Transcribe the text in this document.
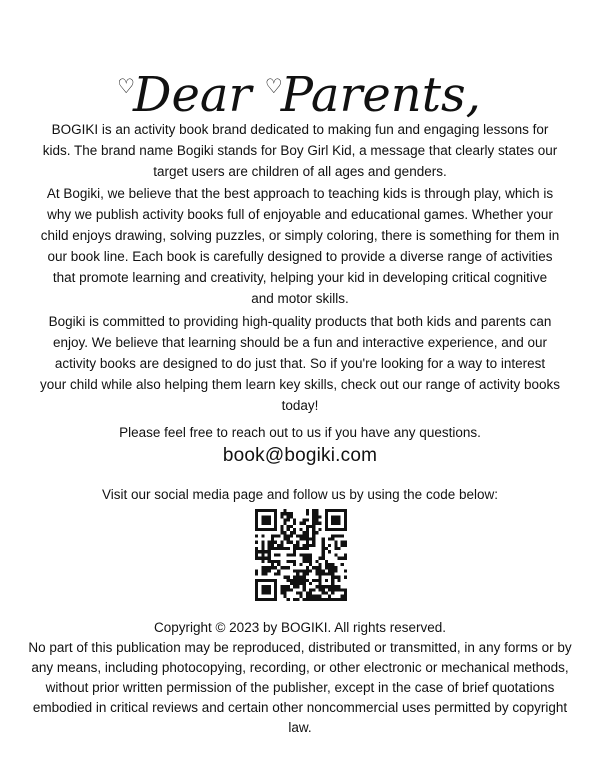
♡Dear ♡Parents,

BOGIKI is an activity book brand dedicated to making fun and engaging lessons for kids. The brand name Bogiki stands for Boy Girl Kid, a message that clearly states our target users are children of all ages and genders.

At Bogiki, we believe that the best approach to teaching kids is through play, which is why we publish activity books full of enjoyable and educational games. Whether your child enjoys drawing, solving puzzles, or simply coloring, there is something for them in our book line. Each book is carefully designed to provide a diverse range of activities that promote learning and creativity, helping your kid in developing critical cognitive and motor skills.

Bogiki is committed to providing high-quality products that both kids and parents can enjoy. We believe that learning should be a fun and interactive experience, and our activity books are designed to do just that. So if you're looking for a way to interest your child while also helping them learn key skills, check out our range of activity books today!

Please feel free to reach out to us if you have any questions.
book@bogiki.com
Visit our social media page and follow us by using the code below:
Copyright © 2023 by BOGIKI. All rights reserved.
No part of this publication may be reproduced, distributed or transmitted, in any forms or by any means, including photocopying, recording, or other electronic or mechanical methods, without prior written permission of the publisher, except in the case of brief quotations embodied in critical reviews and certain other noncommercial uses permitted by copyright law.
